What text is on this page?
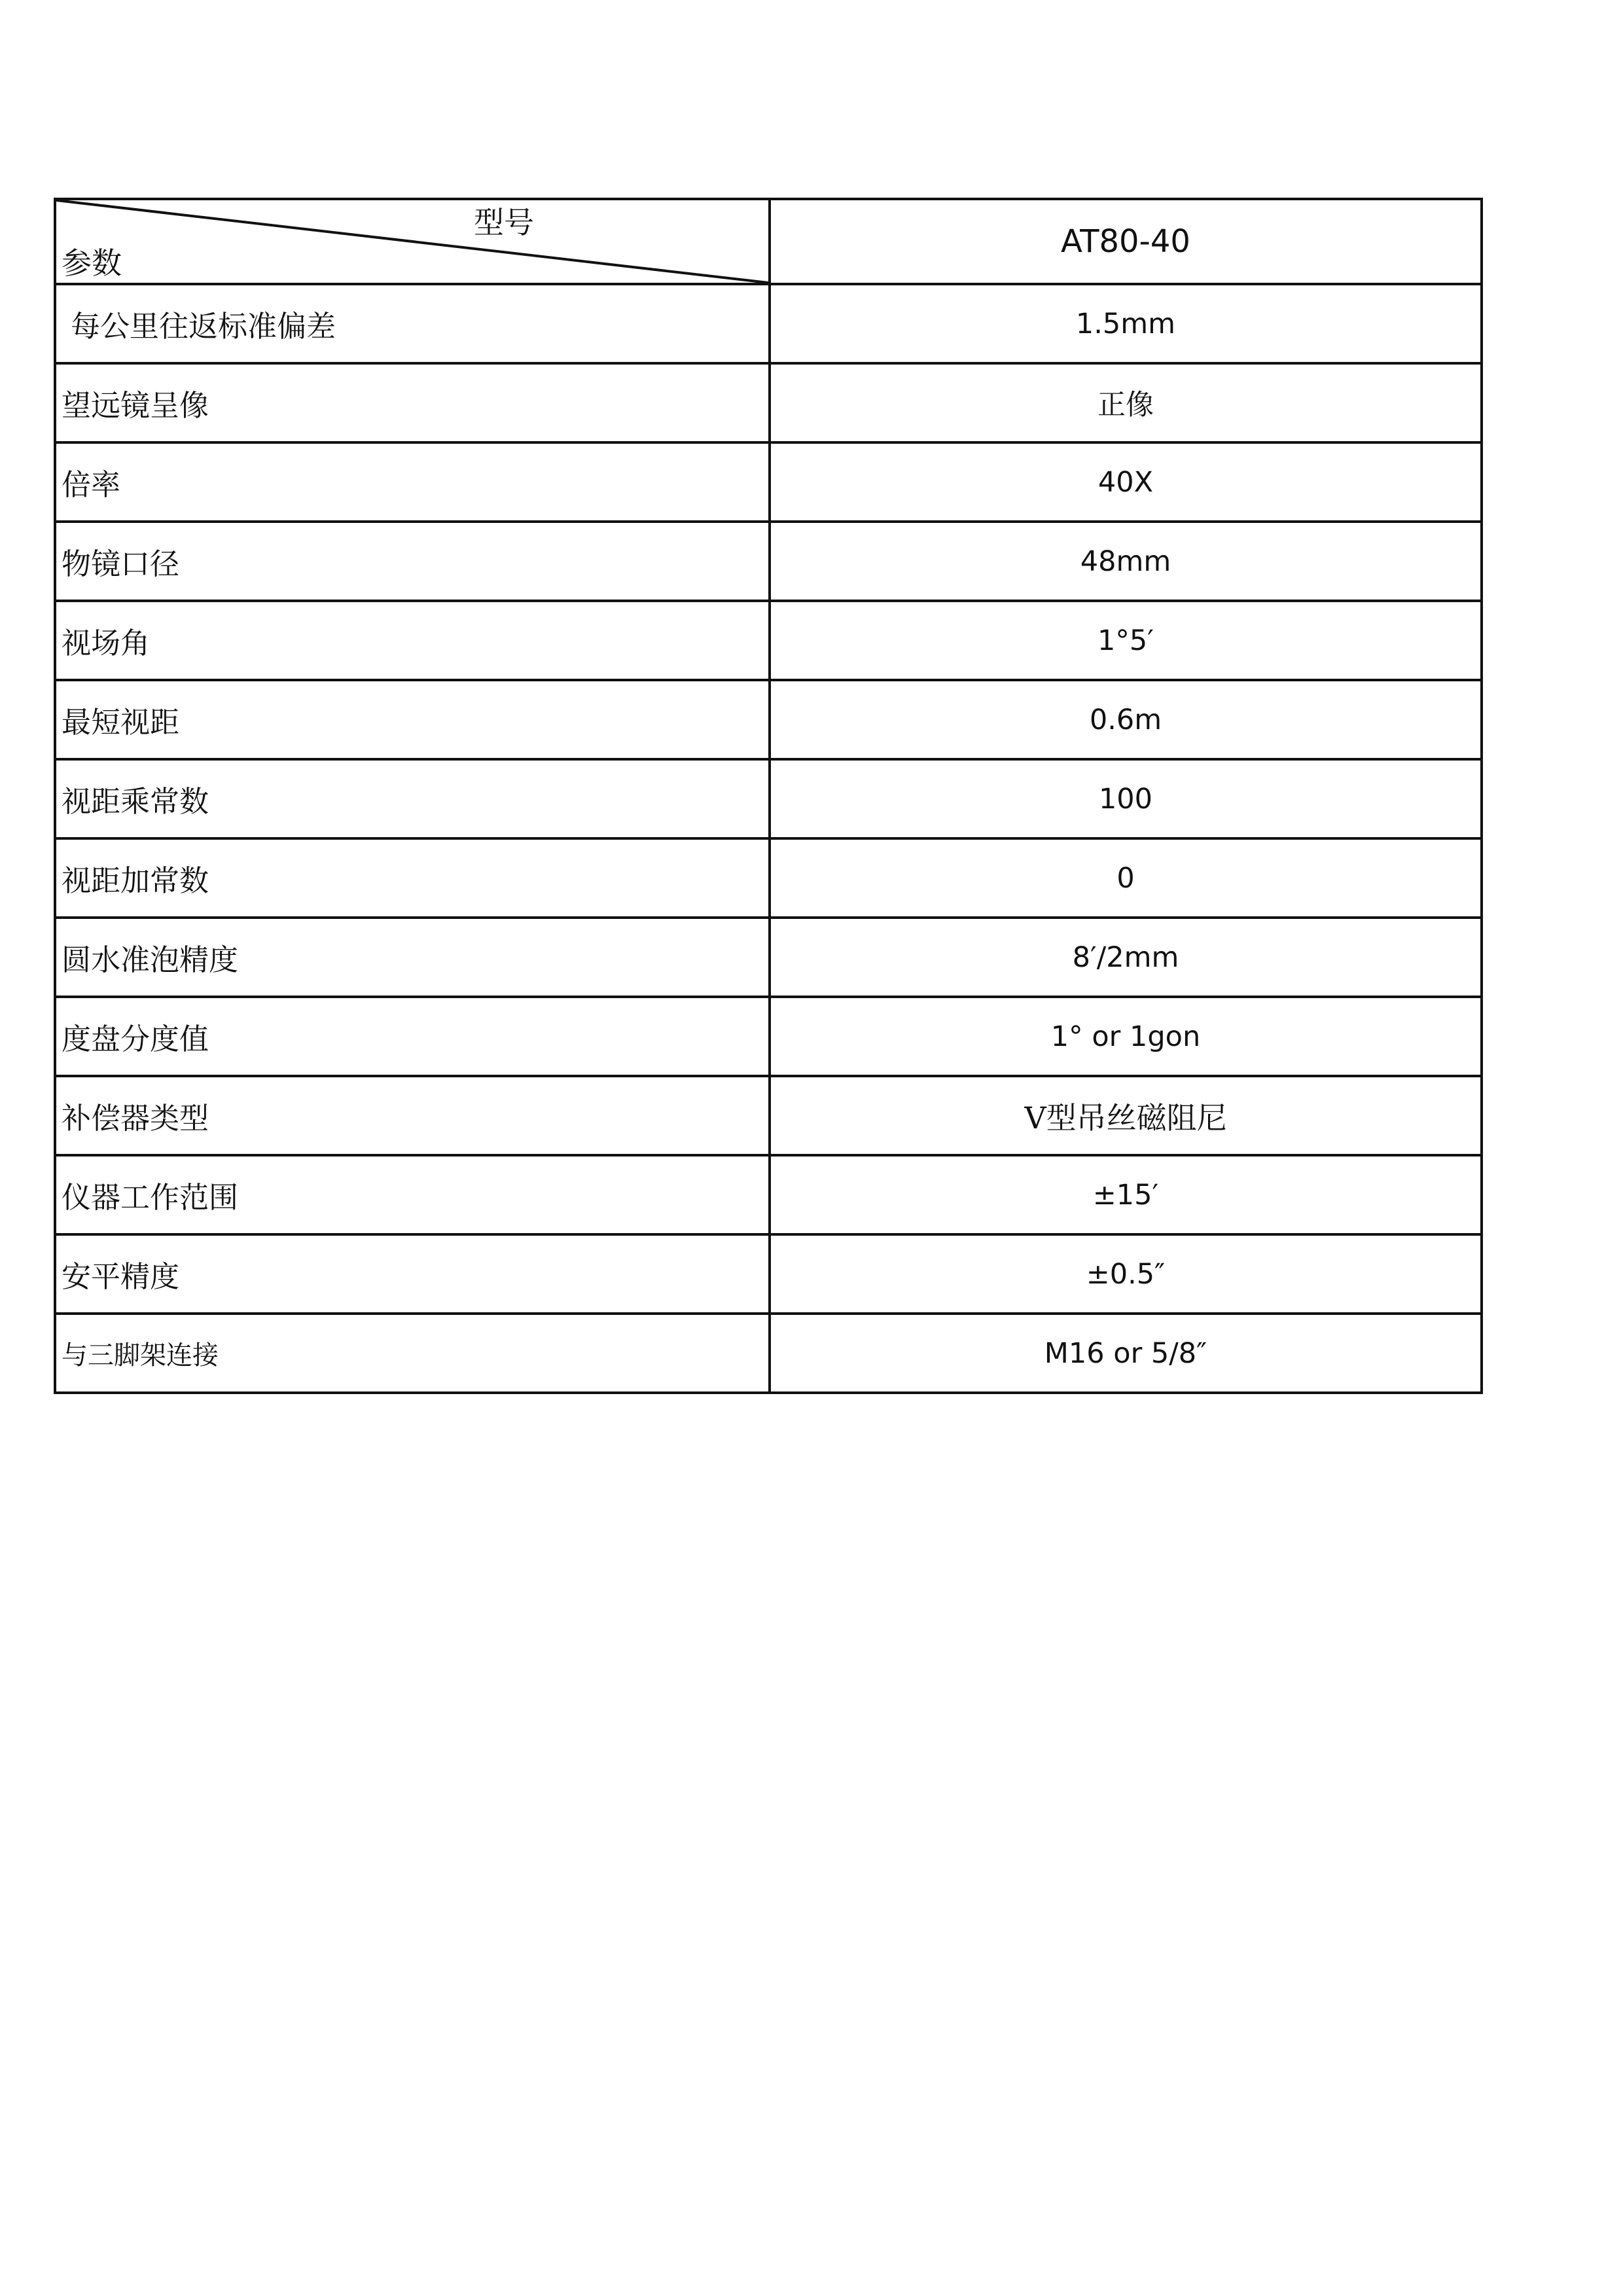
型号
参数	AT80-40
每公里往返标准偏差	1.5mm
望远镜呈像	正像
倍率	40X
物镜口径	48mm
视场角	1°5′
最短视距	0.6m
视距乘常数	100
视距加常数	0
圆水准泡精度	8′/2mm
度盘分度值	1° or 1gon
补偿器类型	V型吊丝磁阻尼
仪器工作范围	±15′
安平精度	±0.5″
与三脚架连接	M16 or 5/8″
